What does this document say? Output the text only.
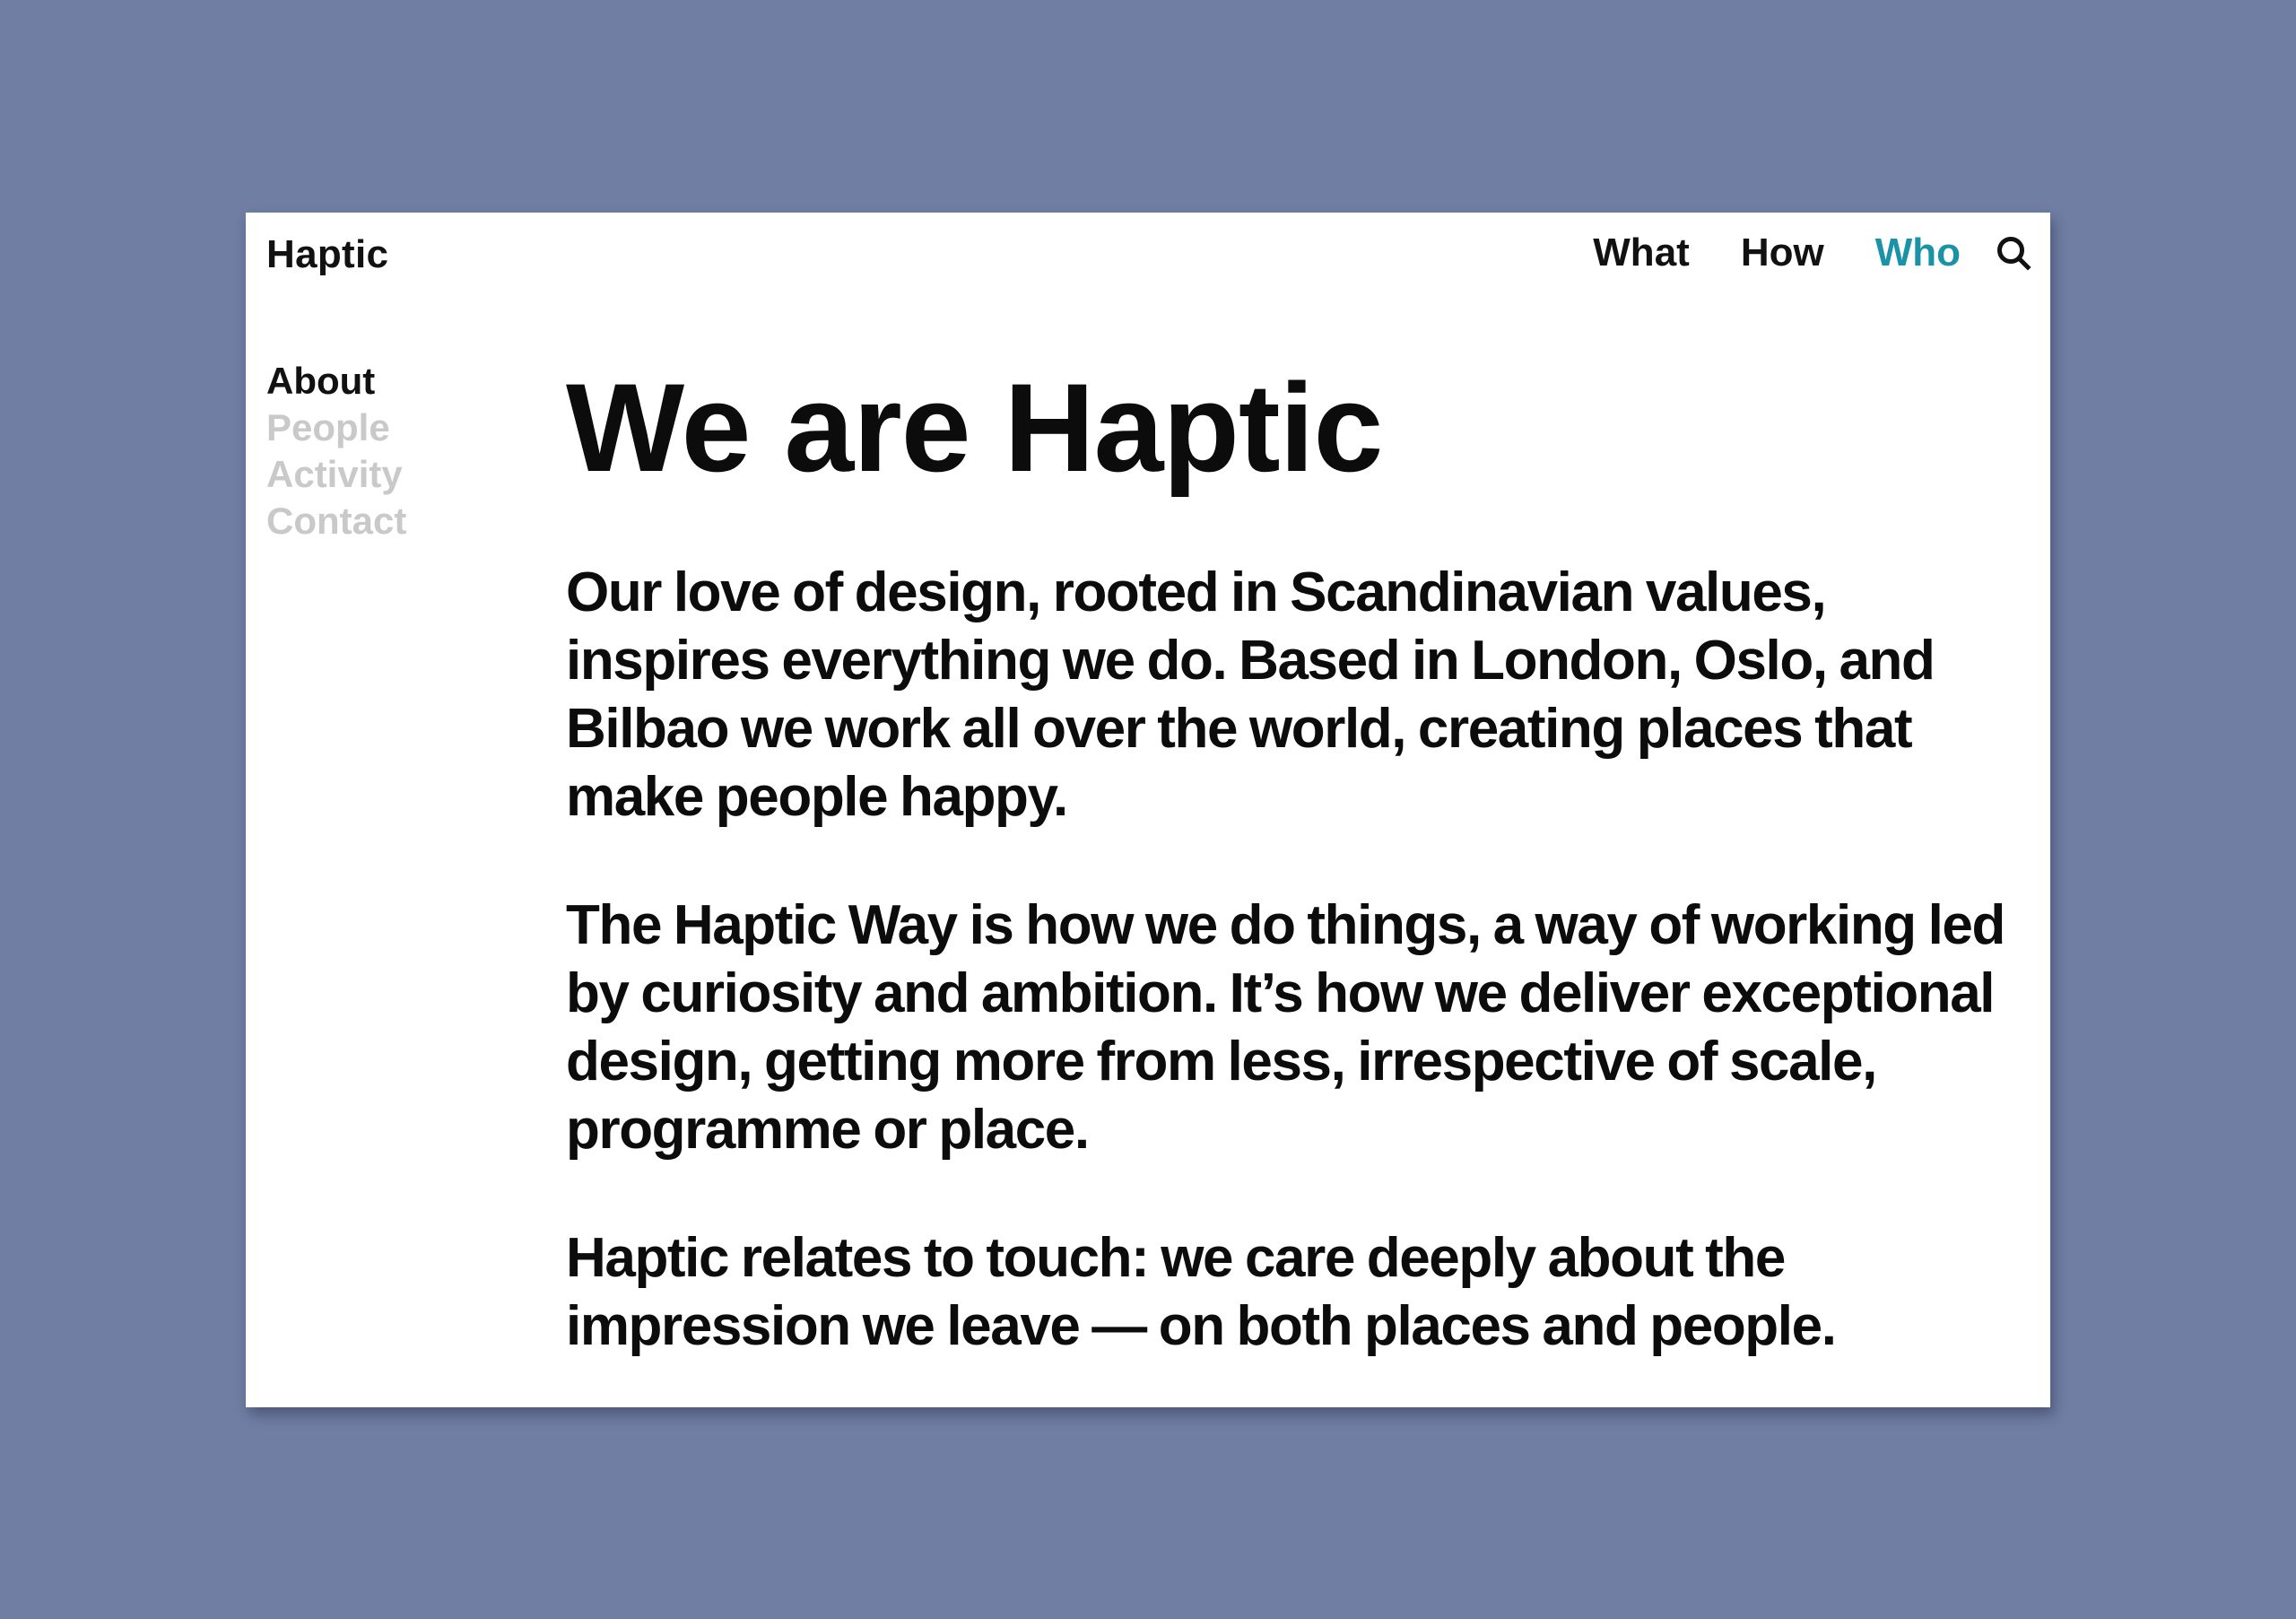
Haptic	What How Who
About
People
Activity
Contact
We are Haptic

Our love of design, rooted in Scandinavian values, inspires everything we do. Based in London, Oslo, and Bilbao we work all over the world, creating places that make people happy.

The Haptic Way is how we do things, a way of working led by curiosity and ambition. It’s how we deliver exceptional design, getting more from less, irrespective of scale, programme or place.

Haptic relates to touch: we care deeply about the impression we leave — on both places and people.
